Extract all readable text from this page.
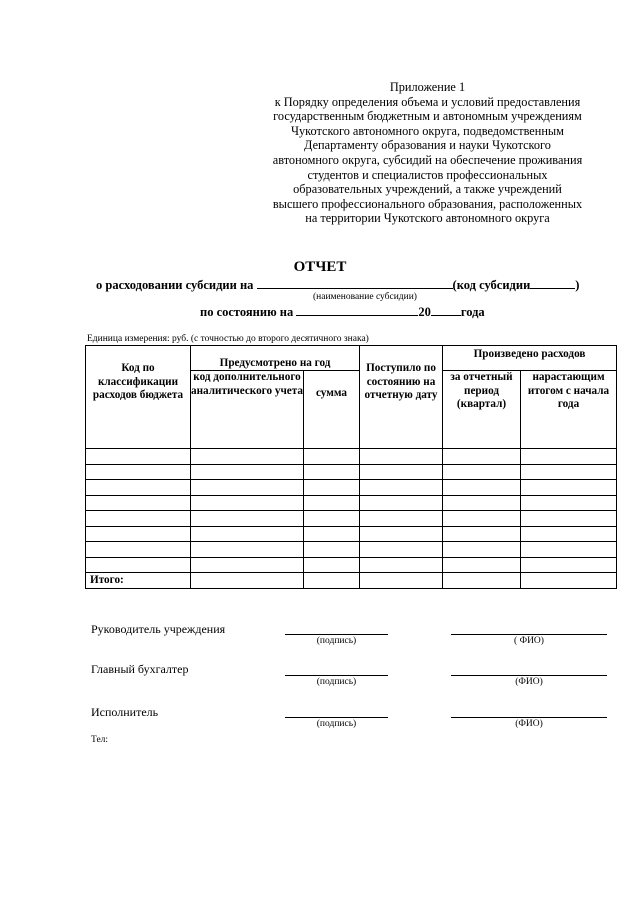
Приложение 1
к Порядку определения объема и условий предоставления
государственным бюджетным и автономным учреждениям
Чукотского автономного округа, подведомственным
Департаменту образования и науки Чукотского
автономного округа, субсидий на обеспечение проживания
студентов и специалистов профессиональных
образовательных учреждений, а также учреждений
высшего профессионального образования, расположенных
на территории Чукотского автономного округа
ОТЧЕТ
о расходовании субсидии на	(код субсидии	)
(наименование субсидии)
по состоянию на	20 года
Единица измерения: руб. (с точностью до второго десятичного знака)
Код по классификации расходов бюджета	Предусмотрено на год		Поступило по состоянию на отчетную дату	Произведено расходов	
	код дополнительного аналитического учета	сумма		за отчетный период (квартал)	нарастающим итогом с начала года

Итого:					
Руководитель учреждения
(подпись)	( ФИО)
Главный бухгалтер
(подпись)	(ФИО)
Исполнитель
(подпись)	(ФИО)
Тел:
